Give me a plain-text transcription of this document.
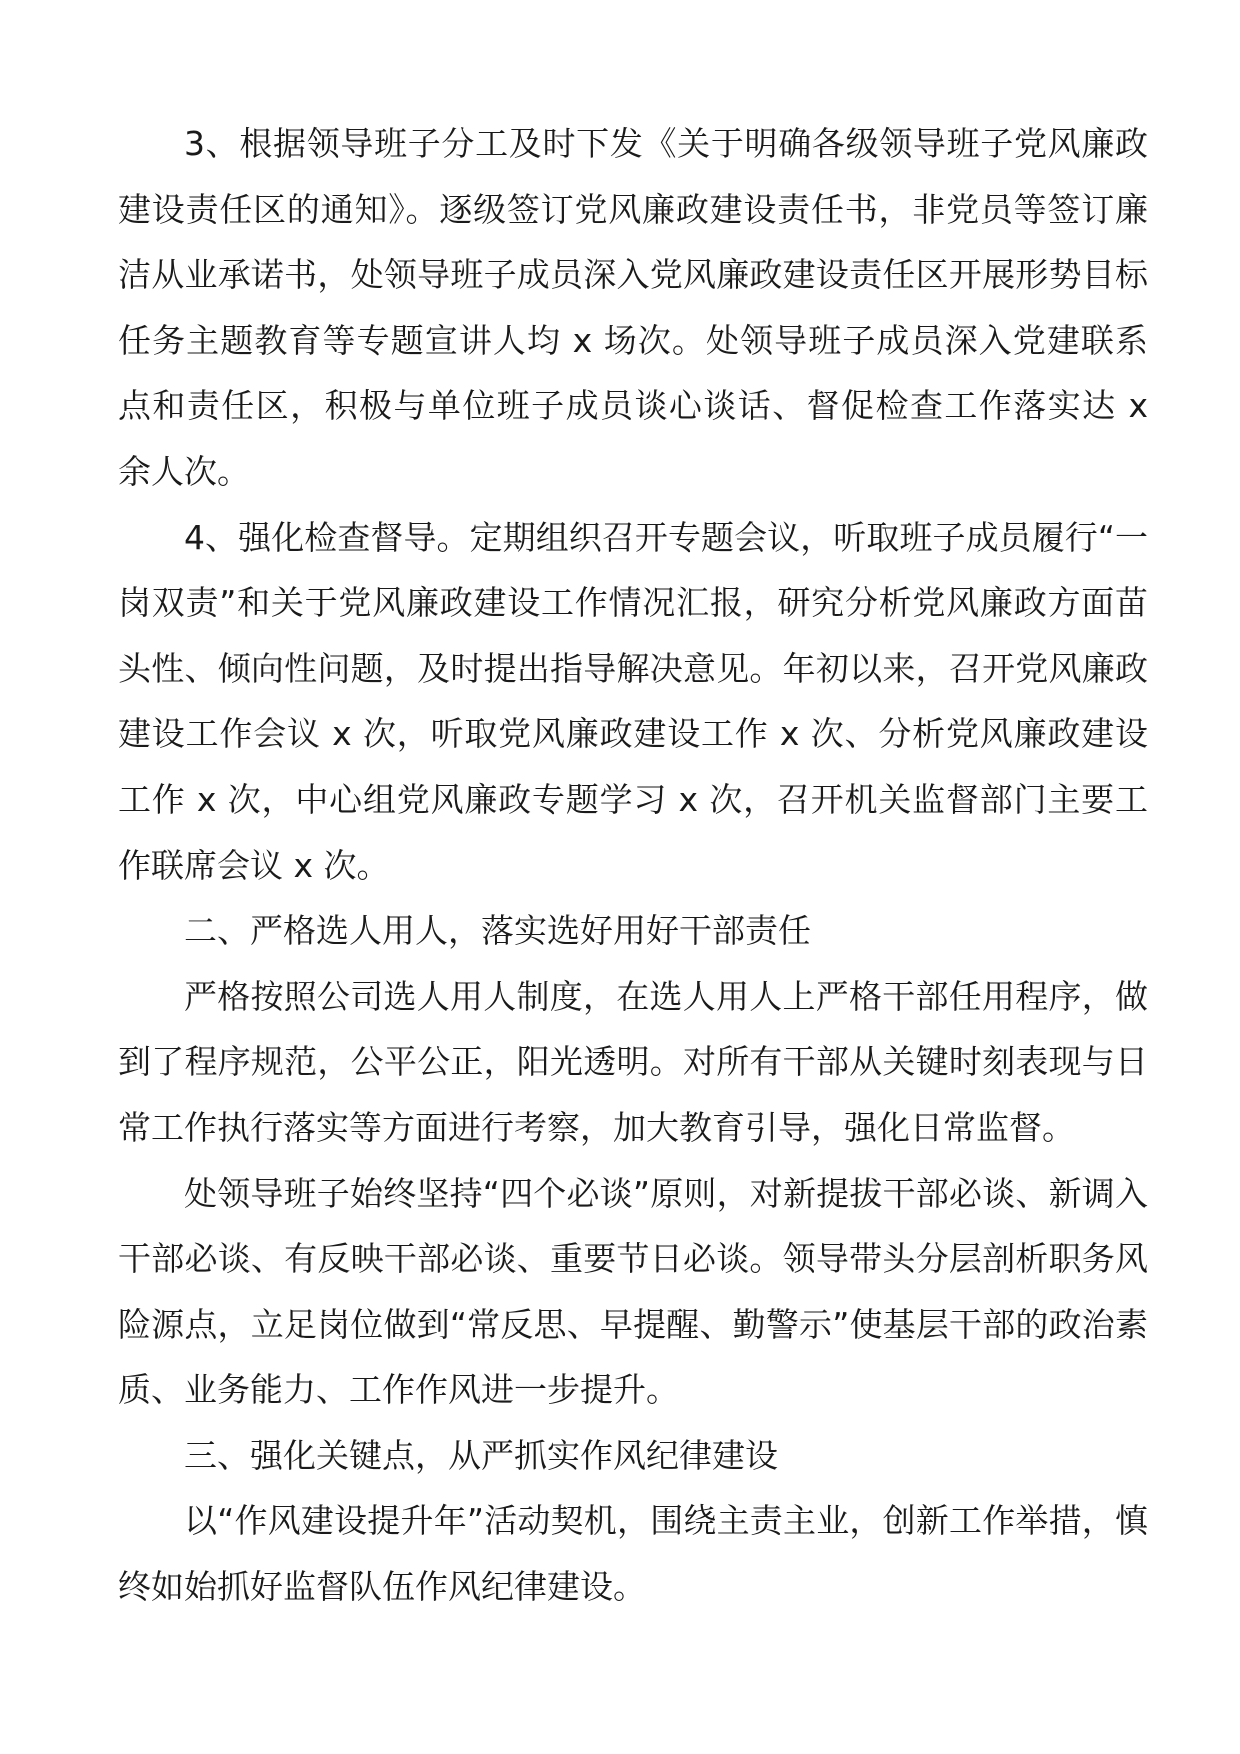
3、根据领导班子分工及时下发《关于明确各级领导班子党风廉政建设责任区的通知》。逐级签订党风廉政建设责任书，非党员等签订廉洁从业承诺书，处领导班子成员深入党风廉政建设责任区开展形势目标任务主题教育等专题宣讲人均 x 场次。处领导班子成员深入党建联系点和责任区，积极与单位班子成员谈心谈话、督促检查工作落实达 x 余人次。

4、强化检查督导。定期组织召开专题会议，听取班子成员履行“一岗双责”和关于党风廉政建设工作情况汇报，研究分析党风廉政方面苗头性、倾向性问题，及时提出指导解决意见。年初以来，召开党风廉政建设工作会议 x 次，听取党风廉政建设工作 x 次、分析党风廉政建设工作 x 次，中心组党风廉政专题学习 x 次，召开机关监督部门主要工作联席会议 x 次。

二、严格选人用人，落实选好用好干部责任

严格按照公司选人用人制度，在选人用人上严格干部任用程序，做到了程序规范，公平公正，阳光透明。对所有干部从关键时刻表现与日常工作执行落实等方面进行考察，加大教育引导，强化日常监督。

处领导班子始终坚持“四个必谈”原则，对新提拔干部必谈、新调入干部必谈、有反映干部必谈、重要节日必谈。领导带头分层剖析职务风险源点，立足岗位做到“常反思、早提醒、勤警示”使基层干部的政治素质、业务能力、工作作风进一步提升。

三、强化关键点，从严抓实作风纪律建设

以“作风建设提升年”活动契机，围绕主责主业，创新工作举措，慎终如始抓好监督队伍作风纪律建设。
